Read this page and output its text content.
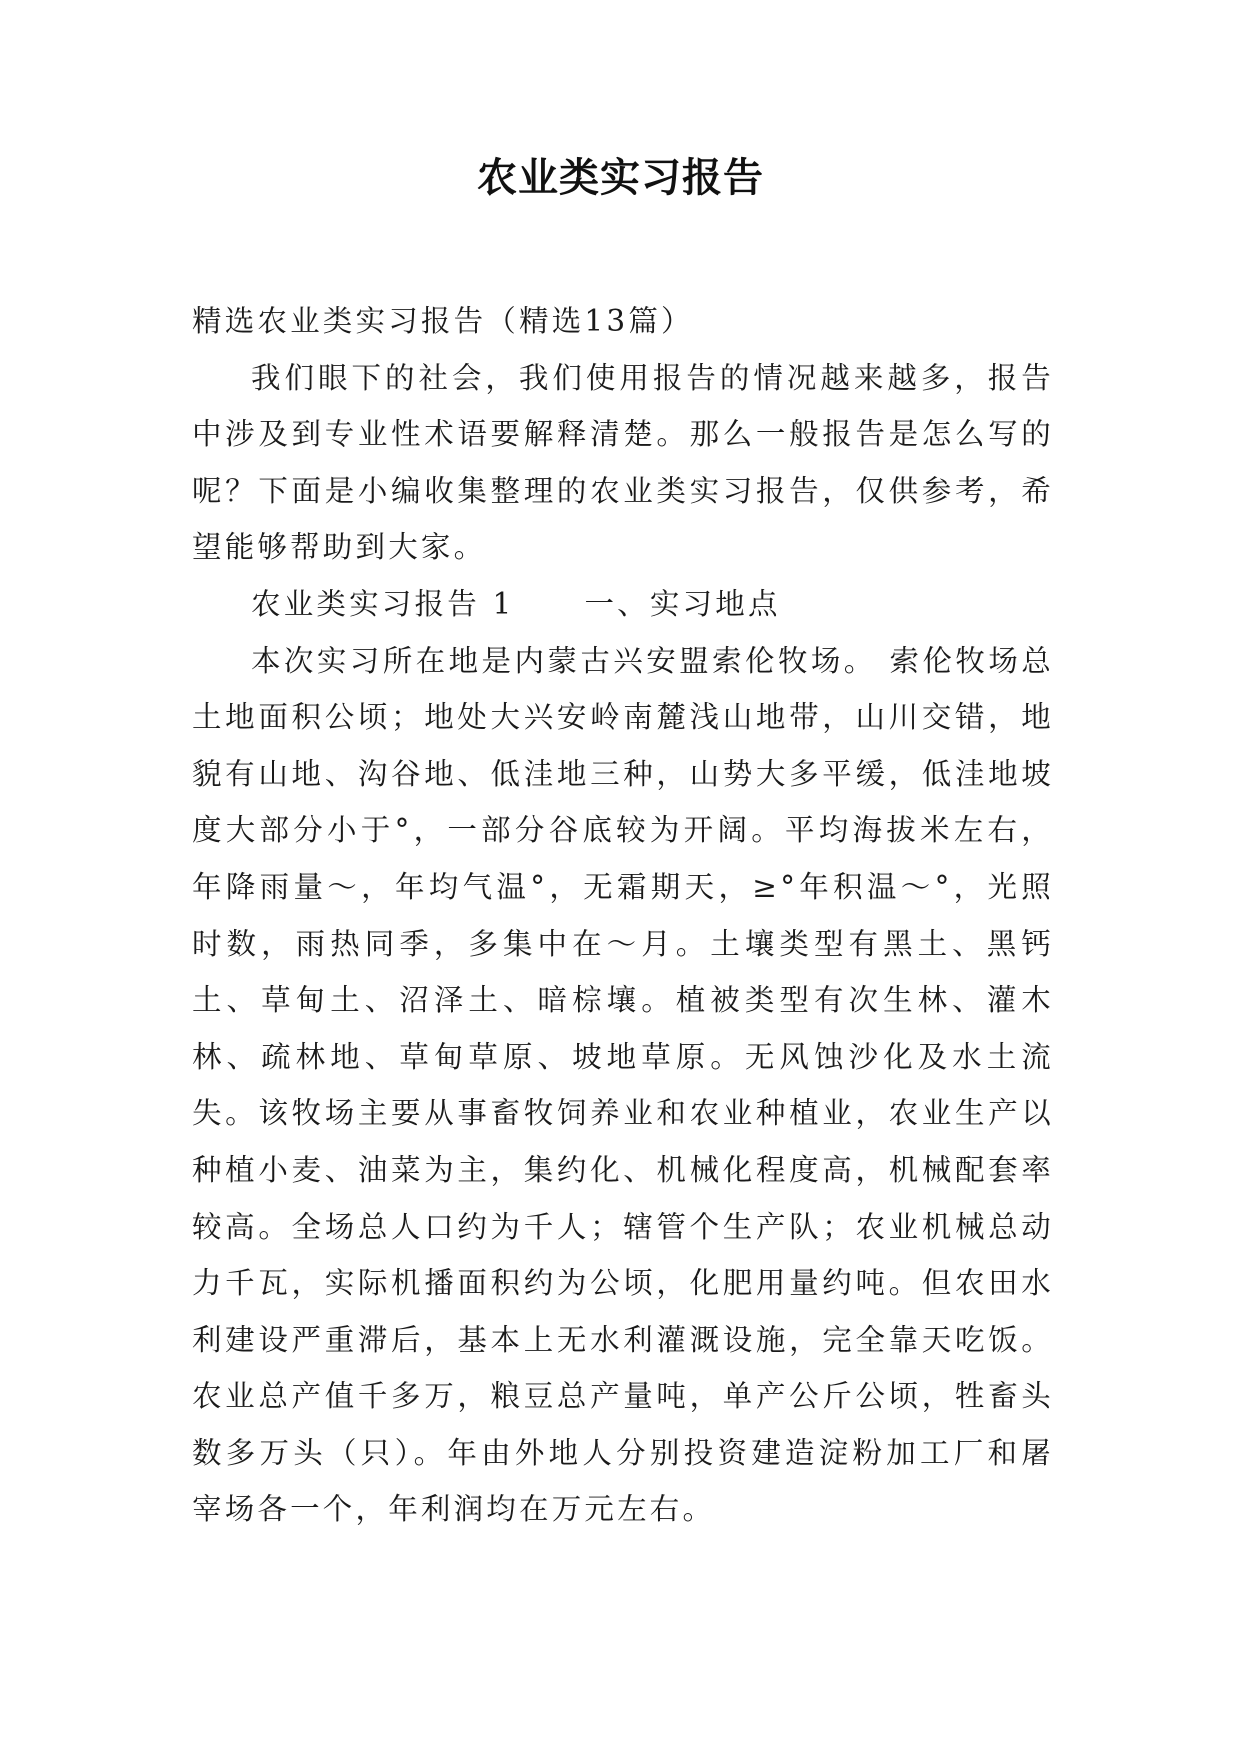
农业类实习报告

精选农业类实习报告（精选13篇）

我们眼下的社会，我们使用报告的情况越来越多，报告中涉及到专业性术语要解释清楚。那么一般报告是怎么写的呢？下面是小编收集整理的农业类实习报告，仅供参考，希望能够帮助到大家。

农业类实习报告 1 一、实习地点

本次实习所在地是内蒙古兴安盟索伦牧场。 索伦牧场总土地面积公顷；地处大兴安岭南麓浅山地带，山川交错，地貌有山地、沟谷地、低洼地三种，山势大多平缓，低洼地坡度大部分小于°，一部分谷底较为开阔。平均海拔米左右，年降雨量～，年均气温°，无霜期天，≥°年积温～°，光照时数，雨热同季，多集中在～月。土壤类型有黑土、黑钙土、草甸土、沼泽土、暗棕壤。植被类型有次生林、灌木林、疏林地、草甸草原、坡地草原。无风蚀沙化及水土流失。该牧场主要从事畜牧饲养业和农业种植业，农业生产以种植小麦、油菜为主，集约化、机械化程度高，机械配套率较高。全场总人口约为千人；辖管个生产队；农业机械总动力千瓦，实际机播面积约为公顷，化肥用量约吨。但农田水利建设严重滞后，基本上无水利灌溉设施，完全靠天吃饭。农业总产值千多万，粮豆总产量吨，单产公斤公顷，牲畜头数多万头（只）。年由外地人分别投资建造淀粉加工厂和屠宰场各一个，年利润均在万元左右。
